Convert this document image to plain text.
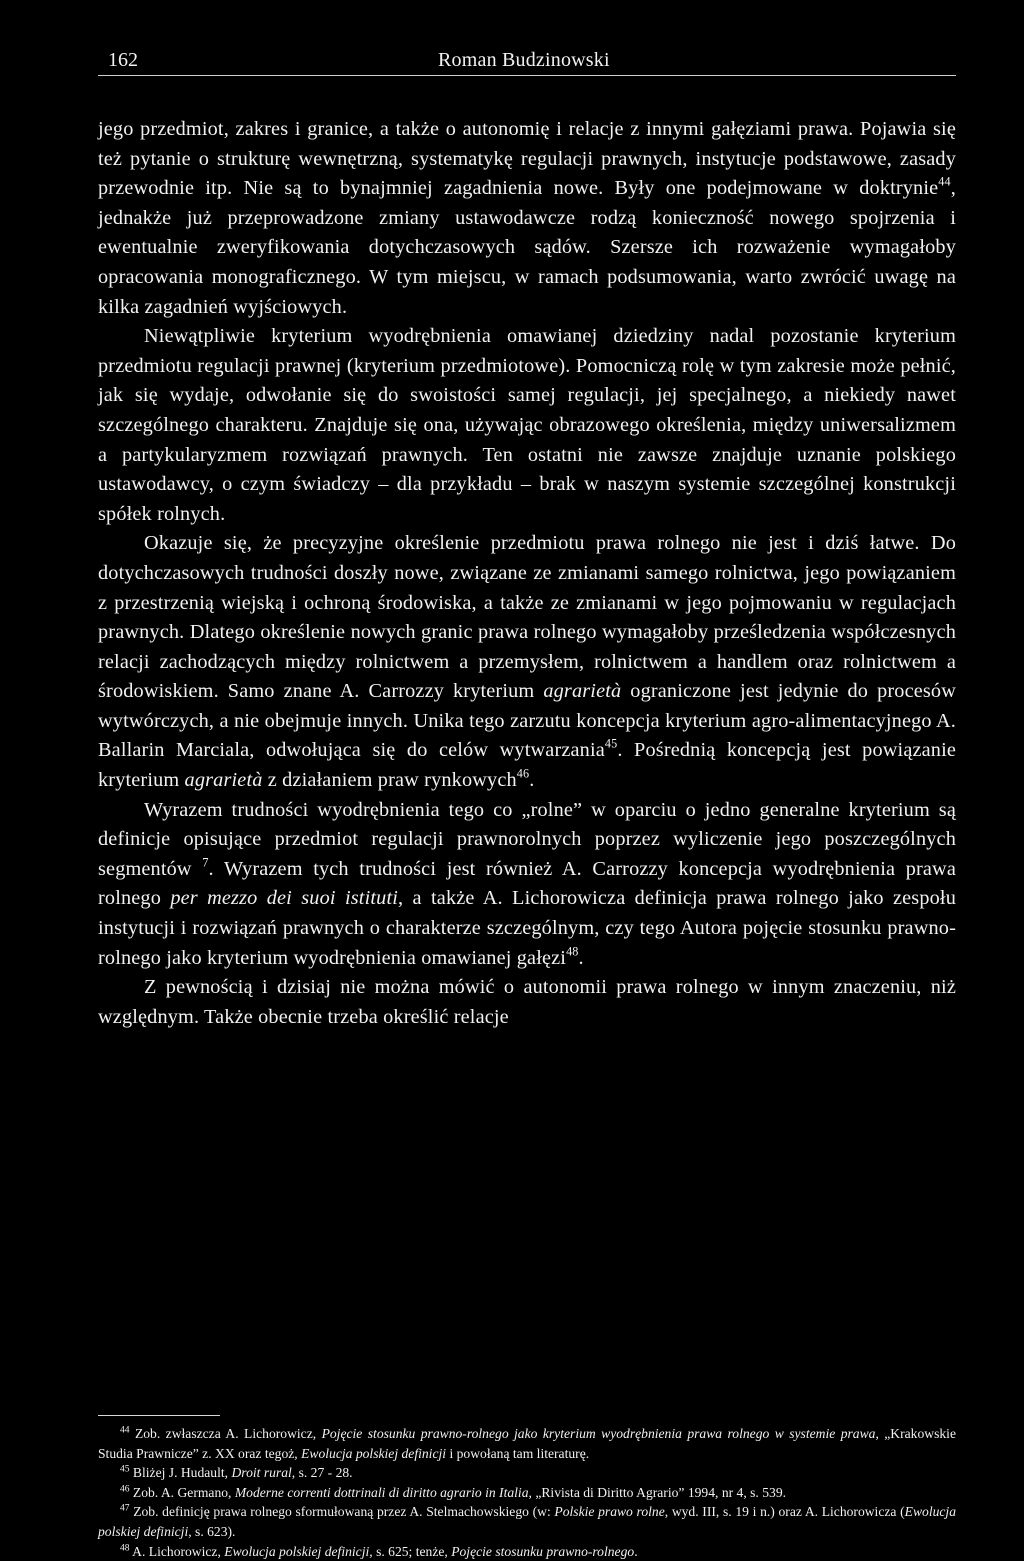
162	Roman Budzinowski

jego przedmiot, zakres i granice, a także o autonomię i relacje z innymi gałęziami prawa. Pojawia się też pytanie o strukturę wewnętrzną, systematykę regulacji prawnych, instytucje podstawowe, zasady przewodnie itp. Nie są to bynajmniej zagadnienia nowe. Były one podejmowane w doktrynie$^{44}$, jednakże już przeprowadzone zmiany ustawodawcze rodzą konieczność nowego spojrzenia i ewentualnie zweryfikowania dotychczasowych sądów. Szersze ich rozważenie wymagałoby opracowania monograficznego. W tym miejscu, w ramach podsumowania, warto zwrócić uwagę na kilka zagadnień wyjściowych.

Niewątpliwie kryterium wyodrębnienia omawianej dziedziny nadal pozostanie kryterium przedmiotu regulacji prawnej (kryterium przedmiotowe). Pomocniczą rolę w tym zakresie może pełnić, jak się wydaje, odwołanie się do swoistości samej regulacji, jej specjalnego, a niekiedy nawet szczególnego charakteru. Znajduje się ona, używając obrazowego określenia, między uniwersalizmem a partykularyzmem rozwiązań prawnych. Ten ostatni nie zawsze znajduje uznanie polskiego ustawodawcy, o czym świadczy – dla przykładu – brak w naszym systemie szczególnej konstrukcji spółek rolnych.

Okazuje się, że precyzyjne określenie przedmiotu prawa rolnego nie jest i dziś łatwe. Do dotychczasowych trudności doszły nowe, związane ze zmianami samego rolnictwa, jego powiązaniem z przestrzenią wiejską i ochroną środowiska, a także ze zmianami w jego pojmowaniu w regulacjach prawnych. Dlatego określenie nowych granic prawa rolnego wymagałoby prześledzenia współczesnych relacji zachodzących między rolnictwem a przemysłem, rolnictwem a handlem oraz rolnictwem a środowiskiem. Samo znane A. Carrozzy kryterium agrarietà ograniczone jest jedynie do procesów wytwórczych, a nie obejmuje innych. Unika tego zarzutu koncepcja kryterium agro-alimentacyjnego A. Ballarin Marciala, odwołująca się do celów wytwarzania$^{45}$. Pośrednią koncepcją jest powiązanie kryterium agrarietà z działaniem praw rynkowych$^{46}$.

Wyrazem trudności wyodrębnienia tego co „rolne” w oparciu o jedno generalne kryterium są definicje opisujące przedmiot regulacji prawnorolnych poprzez wyliczenie jego poszczególnych segmentów $^7$. Wyrazem tych trudności jest również A. Carrozzy koncepcja wyodrębnienia prawa rolnego per mezzo dei suoi istituti, a także A. Lichorowicza definicja prawa rolnego jako zespołu instytucji i rozwiązań prawnych o charakterze szczególnym, czy tego Autora pojęcie stosunku prawno-rolnego jako kryterium wyodrębnienia omawianej gałęzi$^{48}$.

Z pewnością i dzisiaj nie można mówić o autonomii prawa rolnego w innym znaczeniu, niż względnym. Także obecnie trzeba określić relacje

$^{44}$ Zob. zwłaszcza A. Lichorowicz, Pojęcie stosunku prawno-rolnego jako kryterium wyodrębnienia prawa rolnego w systemie prawa, „Krakowskie Studia Prawnicze” z. XX oraz tegoż, Ewolucja polskiej definicji i powołaną tam literaturę.

$^{45}$ Bliżej J. Hudault, Droit rural, s. 27 - 28.

$^{46}$ Zob. A. Germano, Moderne correnti dottrinali di diritto agrario in Italia, „Rivista di Diritto Agrario” 1994, nr 4, s. 539.

$^{47}$ Zob. definicję prawa rolnego sformułowaną przez A. Stelmachowskiego (w: Polskie prawo rolne, wyd. III, s. 19 i n.) oraz A. Lichorowicza (Ewolucja polskiej definicji, s. 623).

$^{48}$ A. Lichorowicz, Ewolucja polskiej definicji, s. 625; tenże, Pojęcie stosunku prawno-rolnego.
